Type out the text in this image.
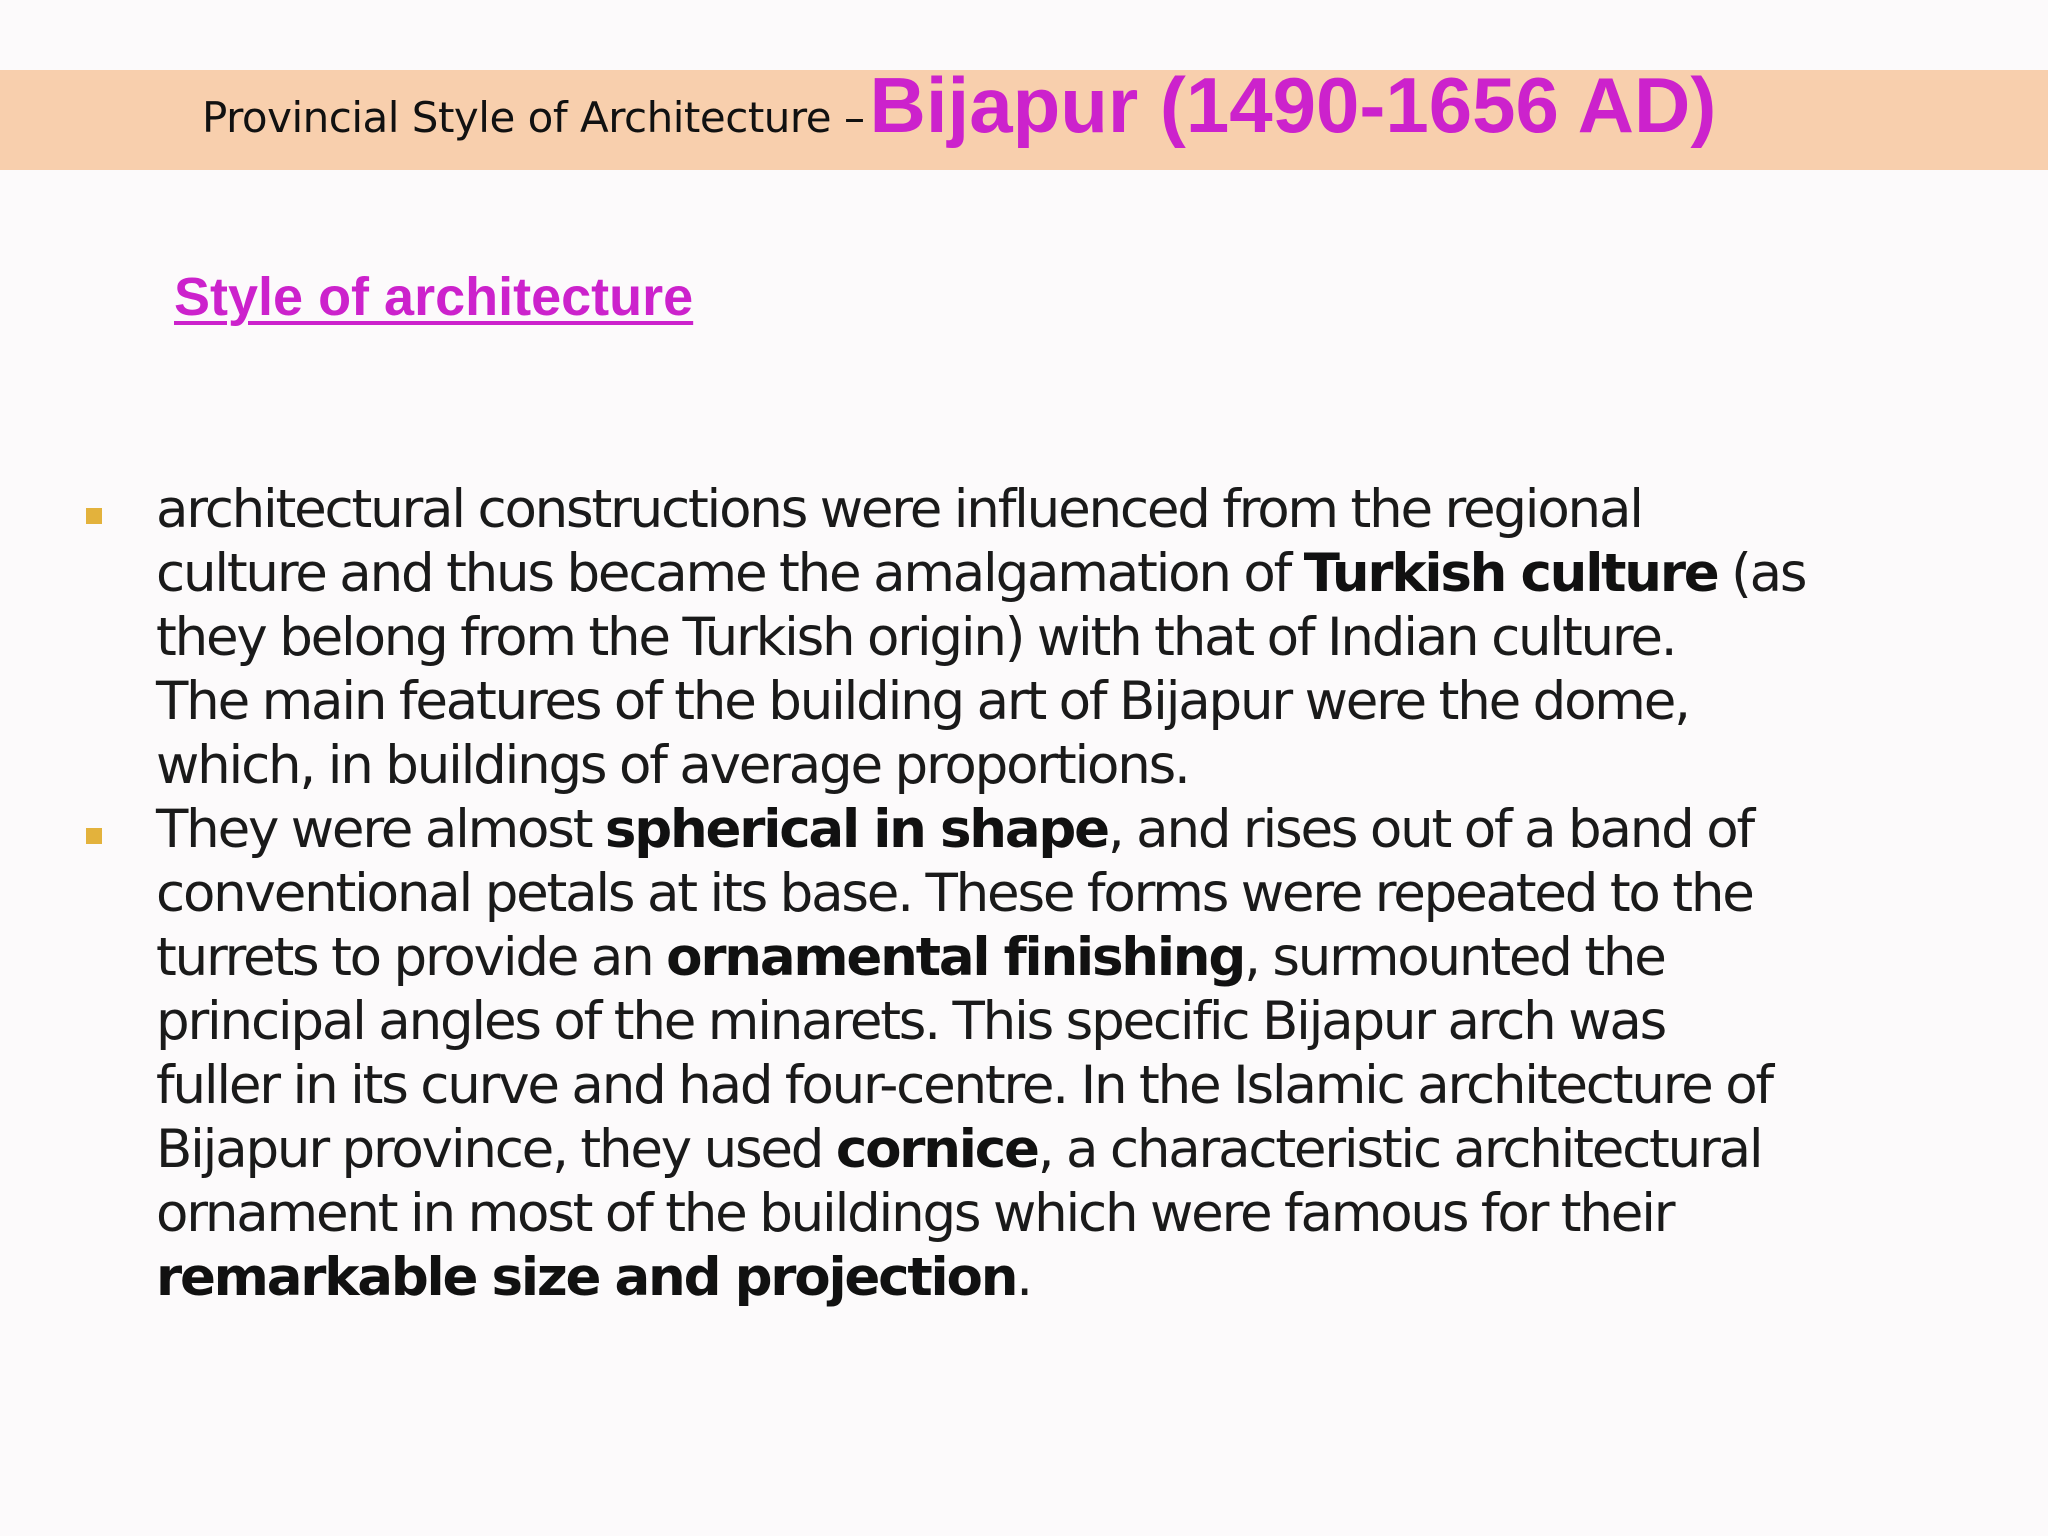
Provincial Style of Architecture – Bijapur (1490-1656 AD)
Style of architecture
architectural constructions were influenced from the regional
culture and thus became the amalgamation of Turkish culture (as
they belong from the Turkish origin) with that of Indian culture.
The main features of the building art of Bijapur were the dome,
which, in buildings of average proportions.
They were almost spherical in shape, and rises out of a band of
conventional petals at its base. These forms were repeated to the
turrets to provide an ornamental finishing, surmounted the
principal angles of the minarets. This specific Bijapur arch was
fuller in its curve and had four-centre. In the Islamic architecture of
Bijapur province, they used cornice, a characteristic architectural
ornament in most of the buildings which were famous for their
remarkable size and projection.
